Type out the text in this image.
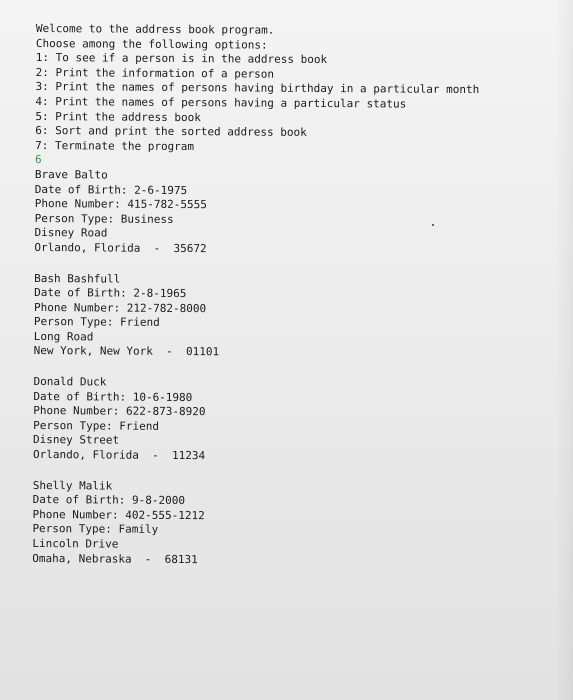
Welcome to the address book program.
Choose among the following options:
1: To see if a person is in the address book
2: Print the information of a person
3: Print the names of persons having birthday in a particular month
4: Print the names of persons having a particular status
5: Print the address book
6: Sort and print the sorted address book
7: Terminate the program
6
Brave Balto
Date of Birth: 2-6-1975
Phone Number: 415-782-5555
Person Type: Business
Disney Road
Orlando, Florida  -  35672
Bash Bashfull
Date of Birth: 2-8-1965
Phone Number: 212-782-8000
Person Type: Friend
Long Road
New York, New York  -  01101
Donald Duck
Date of Birth: 10-6-1980
Phone Number: 622-873-8920
Person Type: Friend
Disney Street
Orlando, Florida  -  11234
Shelly Malik
Date of Birth: 9-8-2000
Phone Number: 402-555-1212
Person Type: Family
Lincoln Drive
Omaha, Nebraska  -  68131
